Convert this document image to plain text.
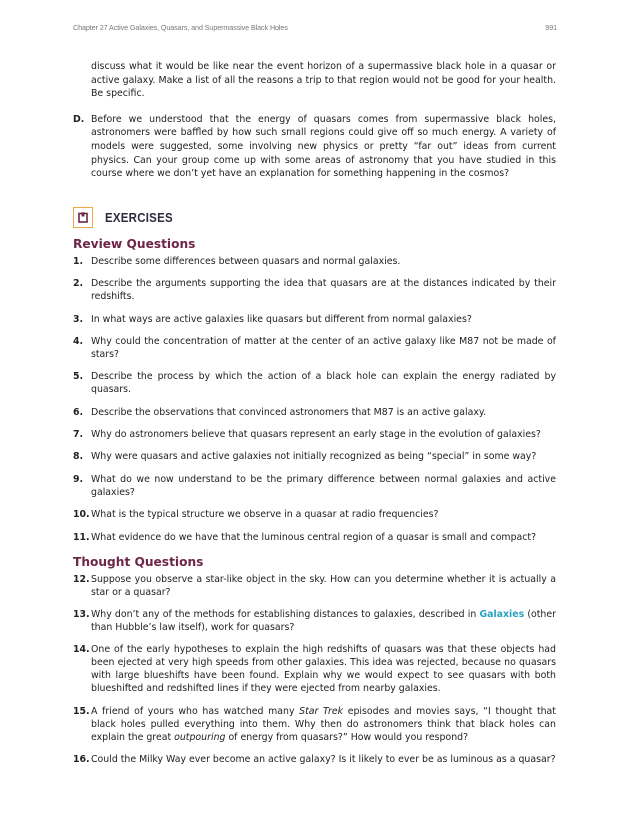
Chapter 27 Active Galaxies, Quasars, and Supermassive Black Holes	991

discuss what it would be like near the event horizon of a supermassive black hole in a quasar or active galaxy. Make a list of all the reasons a trip to that region would not be good for your health. Be specific.

D. Before we understood that the energy of quasars comes from supermassive black holes, astronomers were baffled by how such small regions could give off so much energy. A variety of models were suggested, some involving new physics or pretty “far out” ideas from current physics. Can your group come up with some areas of astronomy that you have studied in this course where we don’t yet have an explanation for something happening in the cosmos?
EXERCISES
Review Questions
1. Describe some differences between quasars and normal galaxies.
2. Describe the arguments supporting the idea that quasars are at the distances indicated by their redshifts.
3. In what ways are active galaxies like quasars but different from normal galaxies?
4. Why could the concentration of matter at the center of an active galaxy like M87 not be made of stars?
5. Describe the process by which the action of a black hole can explain the energy radiated by quasars.
6. Describe the observations that convinced astronomers that M87 is an active galaxy.
7. Why do astronomers believe that quasars represent an early stage in the evolution of galaxies?
8. Why were quasars and active galaxies not initially recognized as being “special” in some way?
9. What do we now understand to be the primary difference between normal galaxies and active galaxies?
10. What is the typical structure we observe in a quasar at radio frequencies?
11. What evidence do we have that the luminous central region of a quasar is small and compact?
Thought Questions
12. Suppose you observe a star-like object in the sky. How can you determine whether it is actually a star or a quasar?
13. Why don’t any of the methods for establishing distances to galaxies, described in Galaxies (other than Hubble’s law itself), work for quasars?
14. One of the early hypotheses to explain the high redshifts of quasars was that these objects had been ejected at very high speeds from other galaxies. This idea was rejected, because no quasars with large blueshifts have been found. Explain why we would expect to see quasars with both blueshifted and redshifted lines if they were ejected from nearby galaxies.
15. A friend of yours who has watched many Star Trek episodes and movies says, “I thought that black holes pulled everything into them. Why then do astronomers think that black holes can explain the great outpouring of energy from quasars?” How would you respond?
16. Could the Milky Way ever become an active galaxy? Is it likely to ever be as luminous as a quasar?
